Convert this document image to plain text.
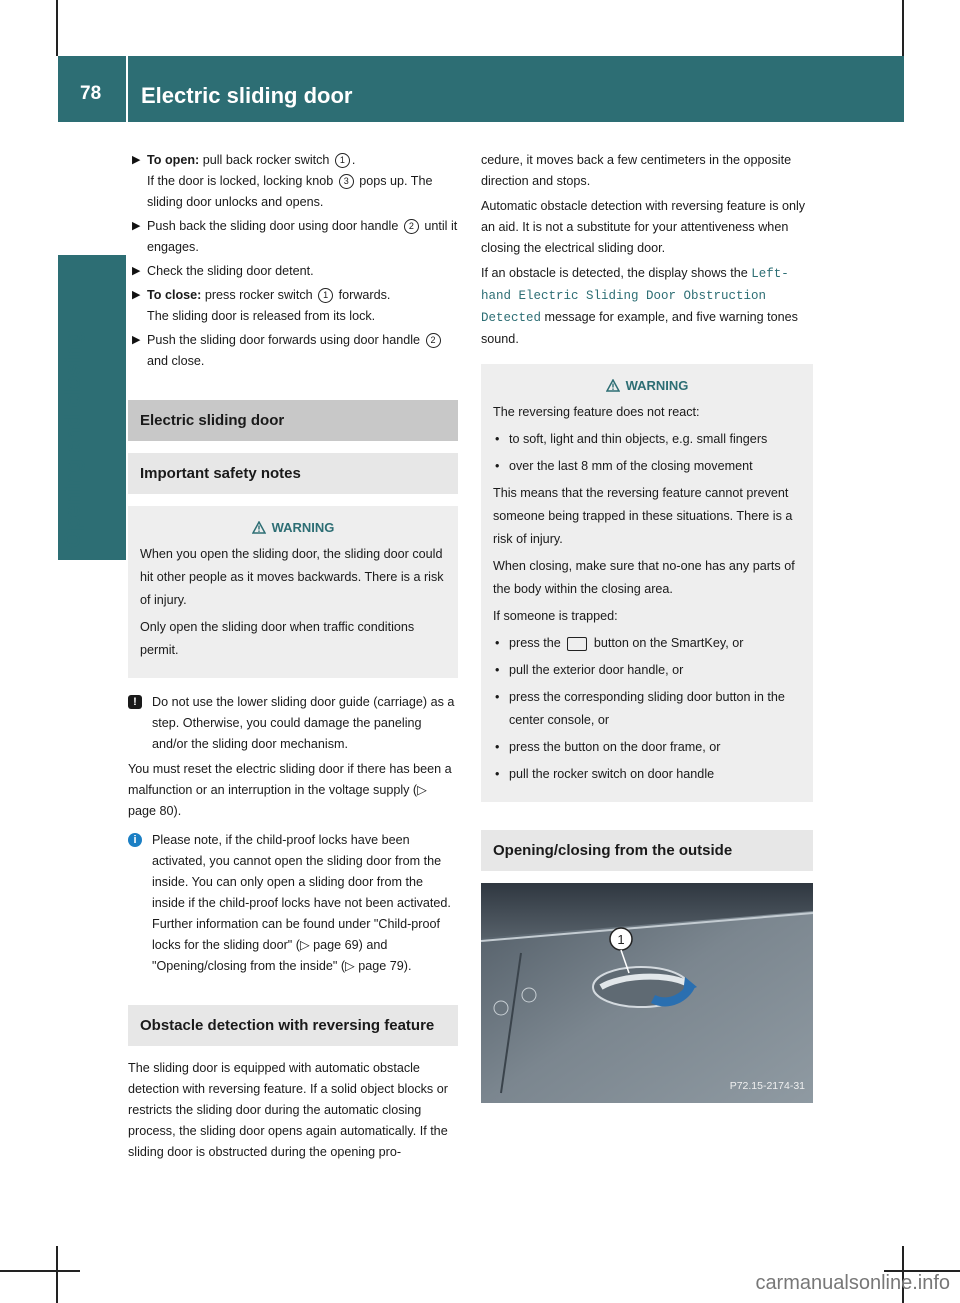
78 Electric sliding door
Opening and closing
▶ To open: pull back rocker switch 1 .
If the door is locked, locking knob 3 pops up. The sliding door unlocks and opens.
▶ Push back the sliding door using door handle 2 until it engages.
▶ Check the sliding door detent.
▶ To close: press rocker switch 1 forwards.
The sliding door is released from its lock.
▶ Push the sliding door forwards using door handle 2 and close.
Electric sliding door
Important safety notes
WARNING

When you open the sliding door, the sliding door could hit other people as it moves backwards. There is a risk of injury.

Only open the sliding door when traffic conditions permit.

!	Do not use the lower sliding door guide (carriage) as a step. Otherwise, you could damage the paneling and/or the sliding door mechanism.

You must reset the electric sliding door if there has been a malfunction or an interruption in the voltage supply (▷ page 80).

i	Please note, if the child-proof locks have been activated, you cannot open the sliding door from the inside. You can only open a sliding door from the inside if the child-proof locks have not been activated. Further information can be found under "Child-proof locks for the sliding door" (▷ page 69) and "Opening/closing from the inside" (▷ page 79).

Obstacle detection with reversing feature

The sliding door is equipped with automatic obstacle detection with reversing feature. If a solid object blocks or restricts the sliding door during the automatic closing process, the sliding door opens again automatically. If the sliding door is obstructed during the opening pro-

cedure, it moves back a few centimeters in the opposite direction and stops.

Automatic obstacle detection with reversing feature is only an aid. It is not a substitute for your attentiveness when closing the electrical sliding door.

If an obstacle is detected, the display shows the Left-hand Electric Sliding Door Obstruction Detected message for example, and five warning tones sound.

WARNING

The reversing feature does not react:

• to soft, light and thin objects, e.g. small fingers

• over the last 8 mm of the closing movement

This means that the reversing feature cannot prevent someone being trapped in these situations. There is a risk of injury.

When closing, make sure that no-one has any parts of the body within the closing area.

If someone is trapped:

• press the	button on the SmartKey, or

• pull the exterior door handle, or

• press the corresponding sliding door button in the center console, or

• press the button on the door frame, or

• pull the rocker switch on door handle

Opening/closing from the outside
1
P72.15-2174-31
carmanualsonline.info
